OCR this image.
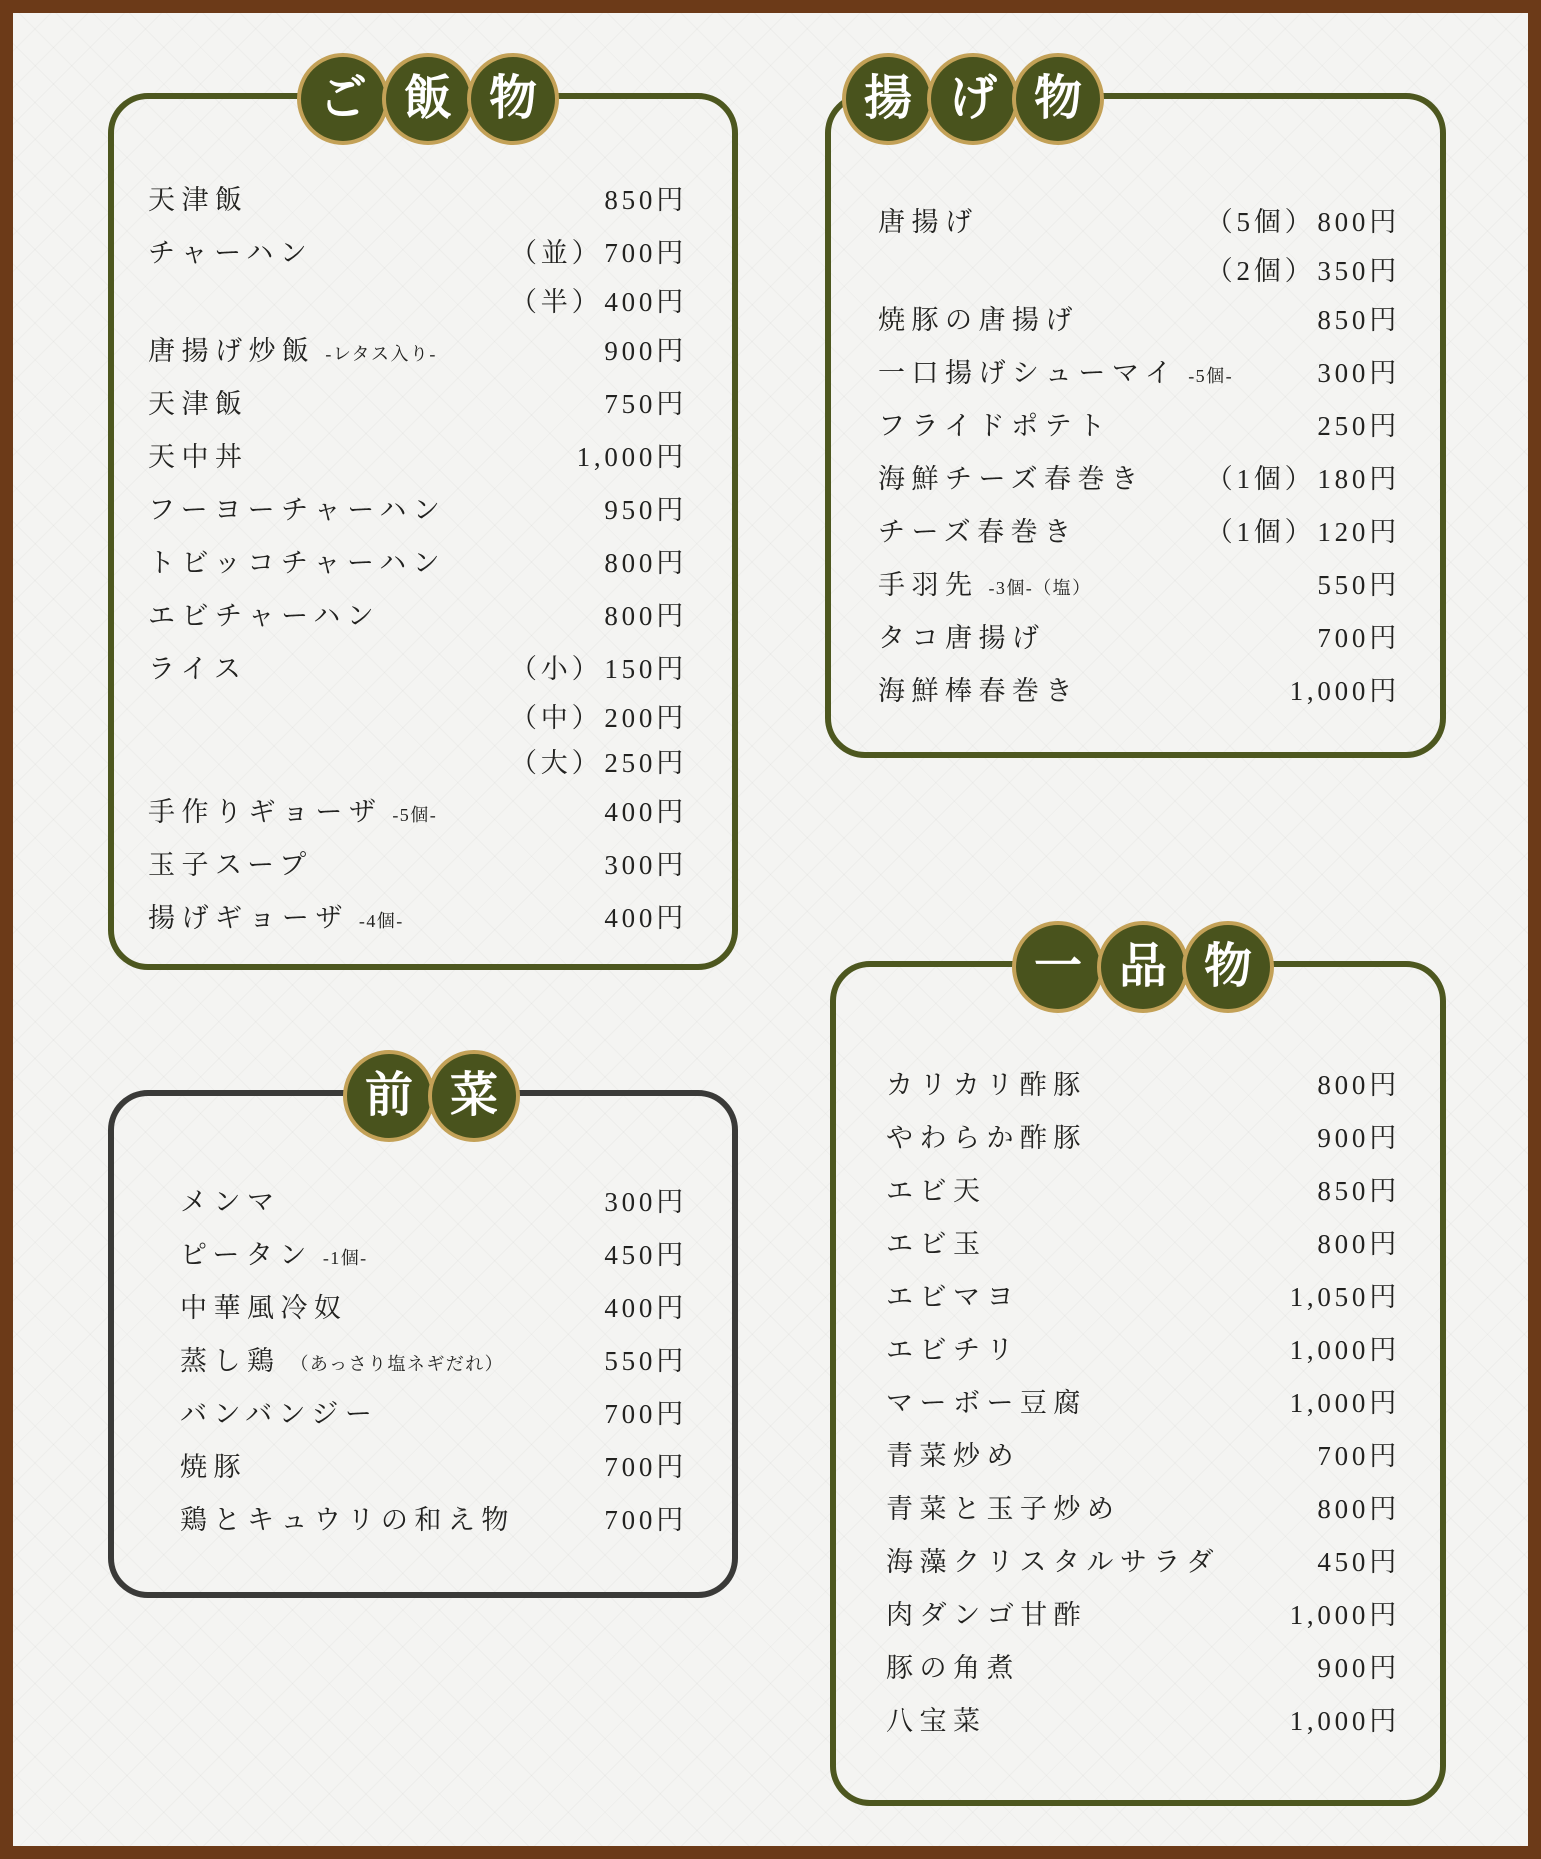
ご 飯 物
天津飯	850円
チャーハン	（並）700円
（半）400円
唐揚げ炒飯 -レタス入り-	900円
天津飯	750円
天中丼	1,000円
フーヨーチャーハン	950円
トビッコチャーハン	800円
エビチャーハン	800円
ライス	（小）150円
（中）200円
（大）250円
手作りギョーザ -5個-	400円
玉子スープ	300円
揚げギョーザ -4個-	400円
揚 げ 物
唐揚げ	（5個）800円
（2個）350円
焼豚の唐揚げ	850円
一口揚げシューマイ -5個-	300円
フライドポテト	250円
海鮮チーズ春巻き （1個）180円
チーズ春巻き	（1個）120円
手羽先 -3個-（塩）	550円
タコ唐揚げ	700円
海鮮棒春巻き	1,000円
前 菜
メンマ	300円
ピータン -1個-	450円
中華風冷奴	400円
蒸し鶏 （あっさり塩ネギだれ）	550円
バンバンジー	700円
焼豚	700円
鶏とキュウリの和え物	700円
一 品 物
カリカリ酢豚	800円
やわらか酢豚	900円
エビ天	850円
エビ玉	800円
エビマヨ	1,050円
エビチリ	1,000円
マーボー豆腐	1,000円
青菜炒め	700円
青菜と玉子炒め	800円
海藻クリスタルサラダ	450円
肉ダンゴ甘酢	1,000円
豚の角煮	900円
八宝菜	1,000円
